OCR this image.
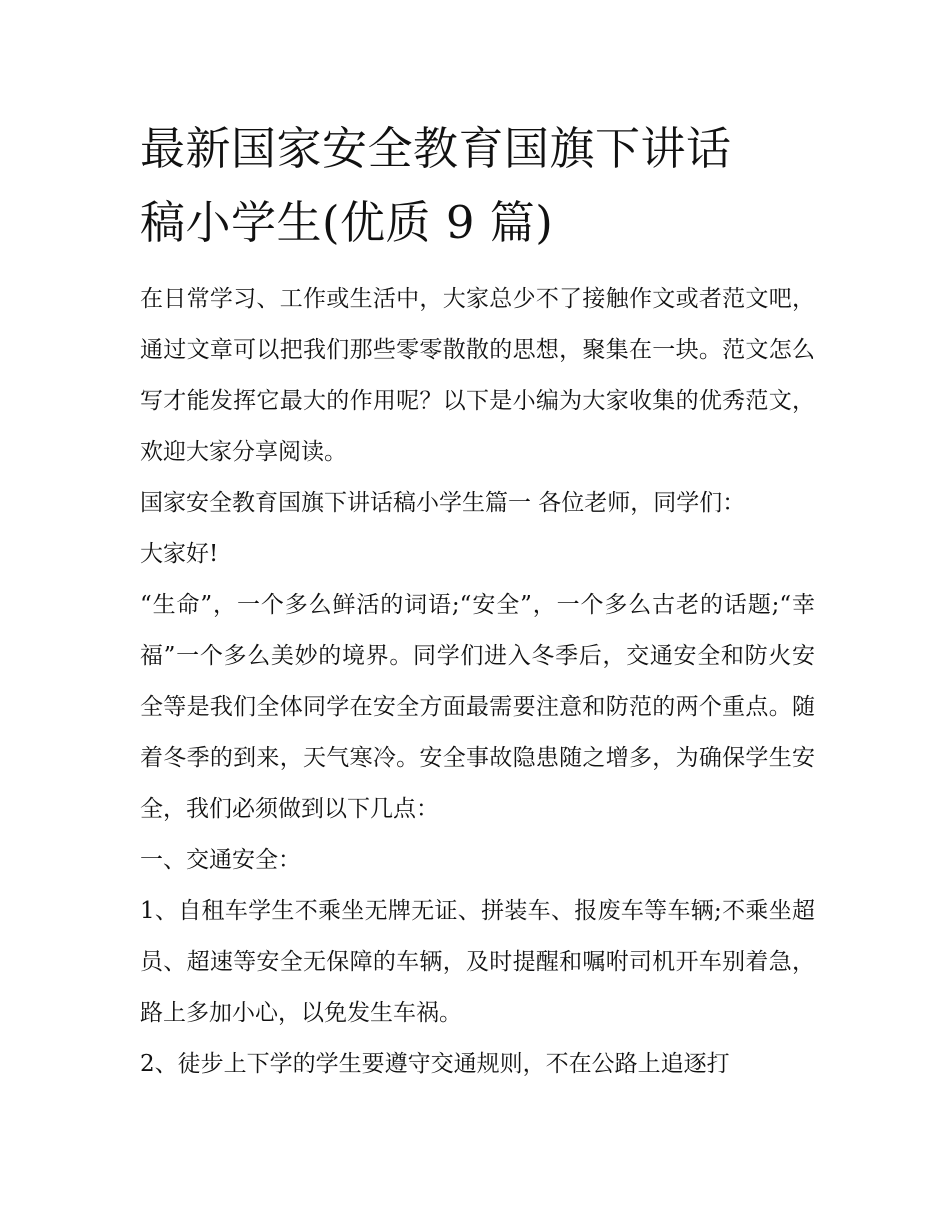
最新国家安全教育国旗下讲话
稿小学生(优质 9 篇)

在日常学习、工作或生活中，大家总少不了接触作文或者范文吧，通过文章可以把我们那些零零散散的思想，聚集在一块。范文怎么写才能发挥它最大的作用呢？以下是小编为大家收集的优秀范文，欢迎大家分享阅读。

国家安全教育国旗下讲话稿小学生篇一 各位老师，同学们：

大家好!

“生命”，一个多么鲜活的词语;“安全”，一个多么古老的话题;“幸福”一个多么美妙的境界。同学们进入冬季后，交通安全和防火安全等是我们全体同学在安全方面最需要注意和防范的两个重点。随着冬季的到来，天气寒冷。安全事故隐患随之增多，为确保学生安全，我们必须做到以下几点：

一、交通安全：

1、自租车学生不乘坐无牌无证、拼装车、报废车等车辆;不乘坐超员、超速等安全无保障的车辆，及时提醒和嘱咐司机开车别着急，路上多加小心，以免发生车祸。

2、徒步上下学的学生要遵守交通规则，不在公路上追逐打
